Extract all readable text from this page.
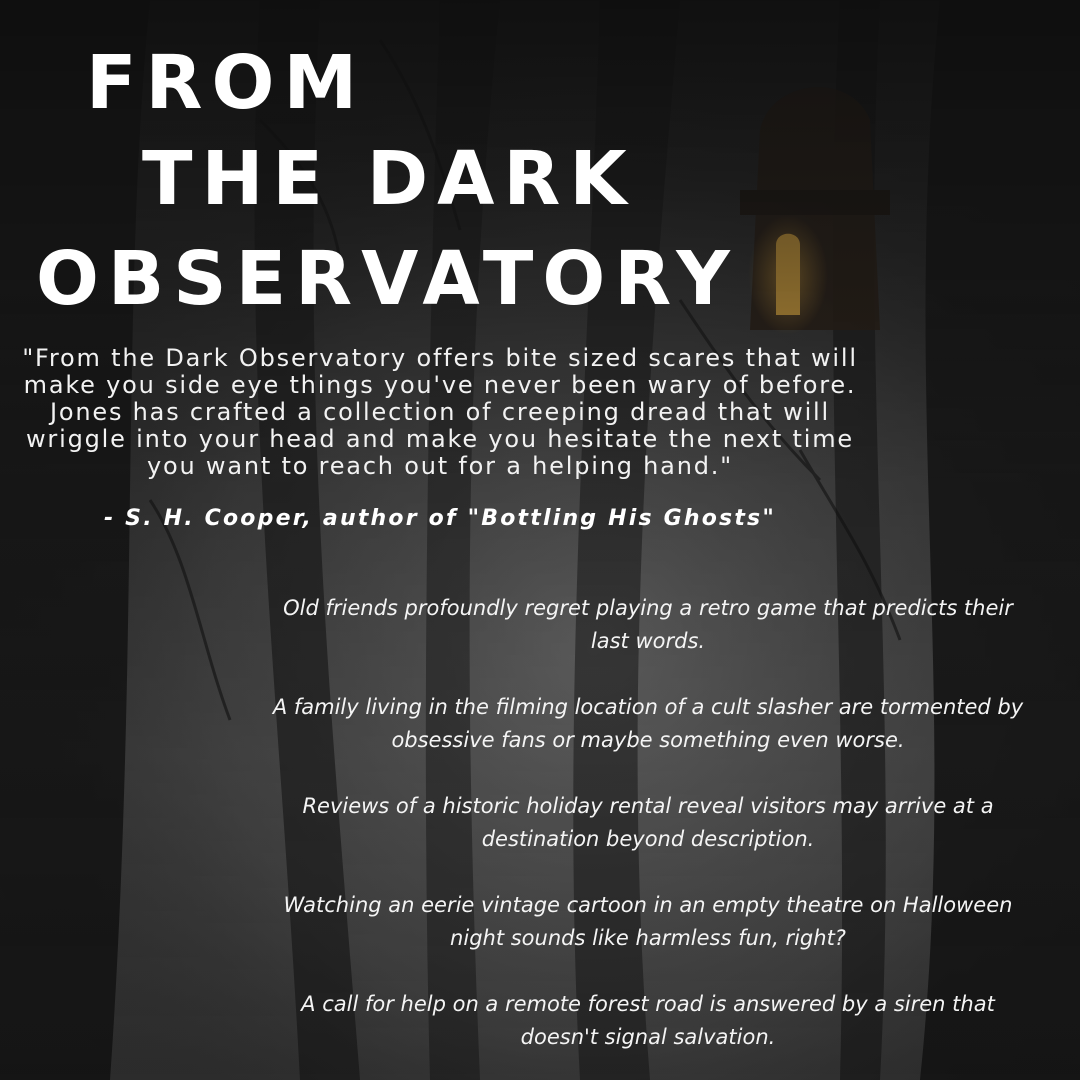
FROM
THE DARK
OBSERVATORY
"From the Dark Observatory offers bite sized scares that will make you side eye things you've never been wary of before. Jones has crafted a collection of creeping dread that will wriggle into your head and make you hesitate the next time you want to reach out for a helping hand."
- S. H. Cooper, author of "Bottling His Ghosts"

Old friends profoundly regret playing a retro game that predicts their last words.

A family living in the filming location of a cult slasher are tormented by obsessive fans or maybe something even worse.

Reviews of a historic holiday rental reveal visitors may arrive at a destination beyond description.

Watching an eerie vintage cartoon in an empty theatre on Halloween night sounds like harmless fun, right?

A call for help on a remote forest road is answered by a siren that doesn't signal salvation.
